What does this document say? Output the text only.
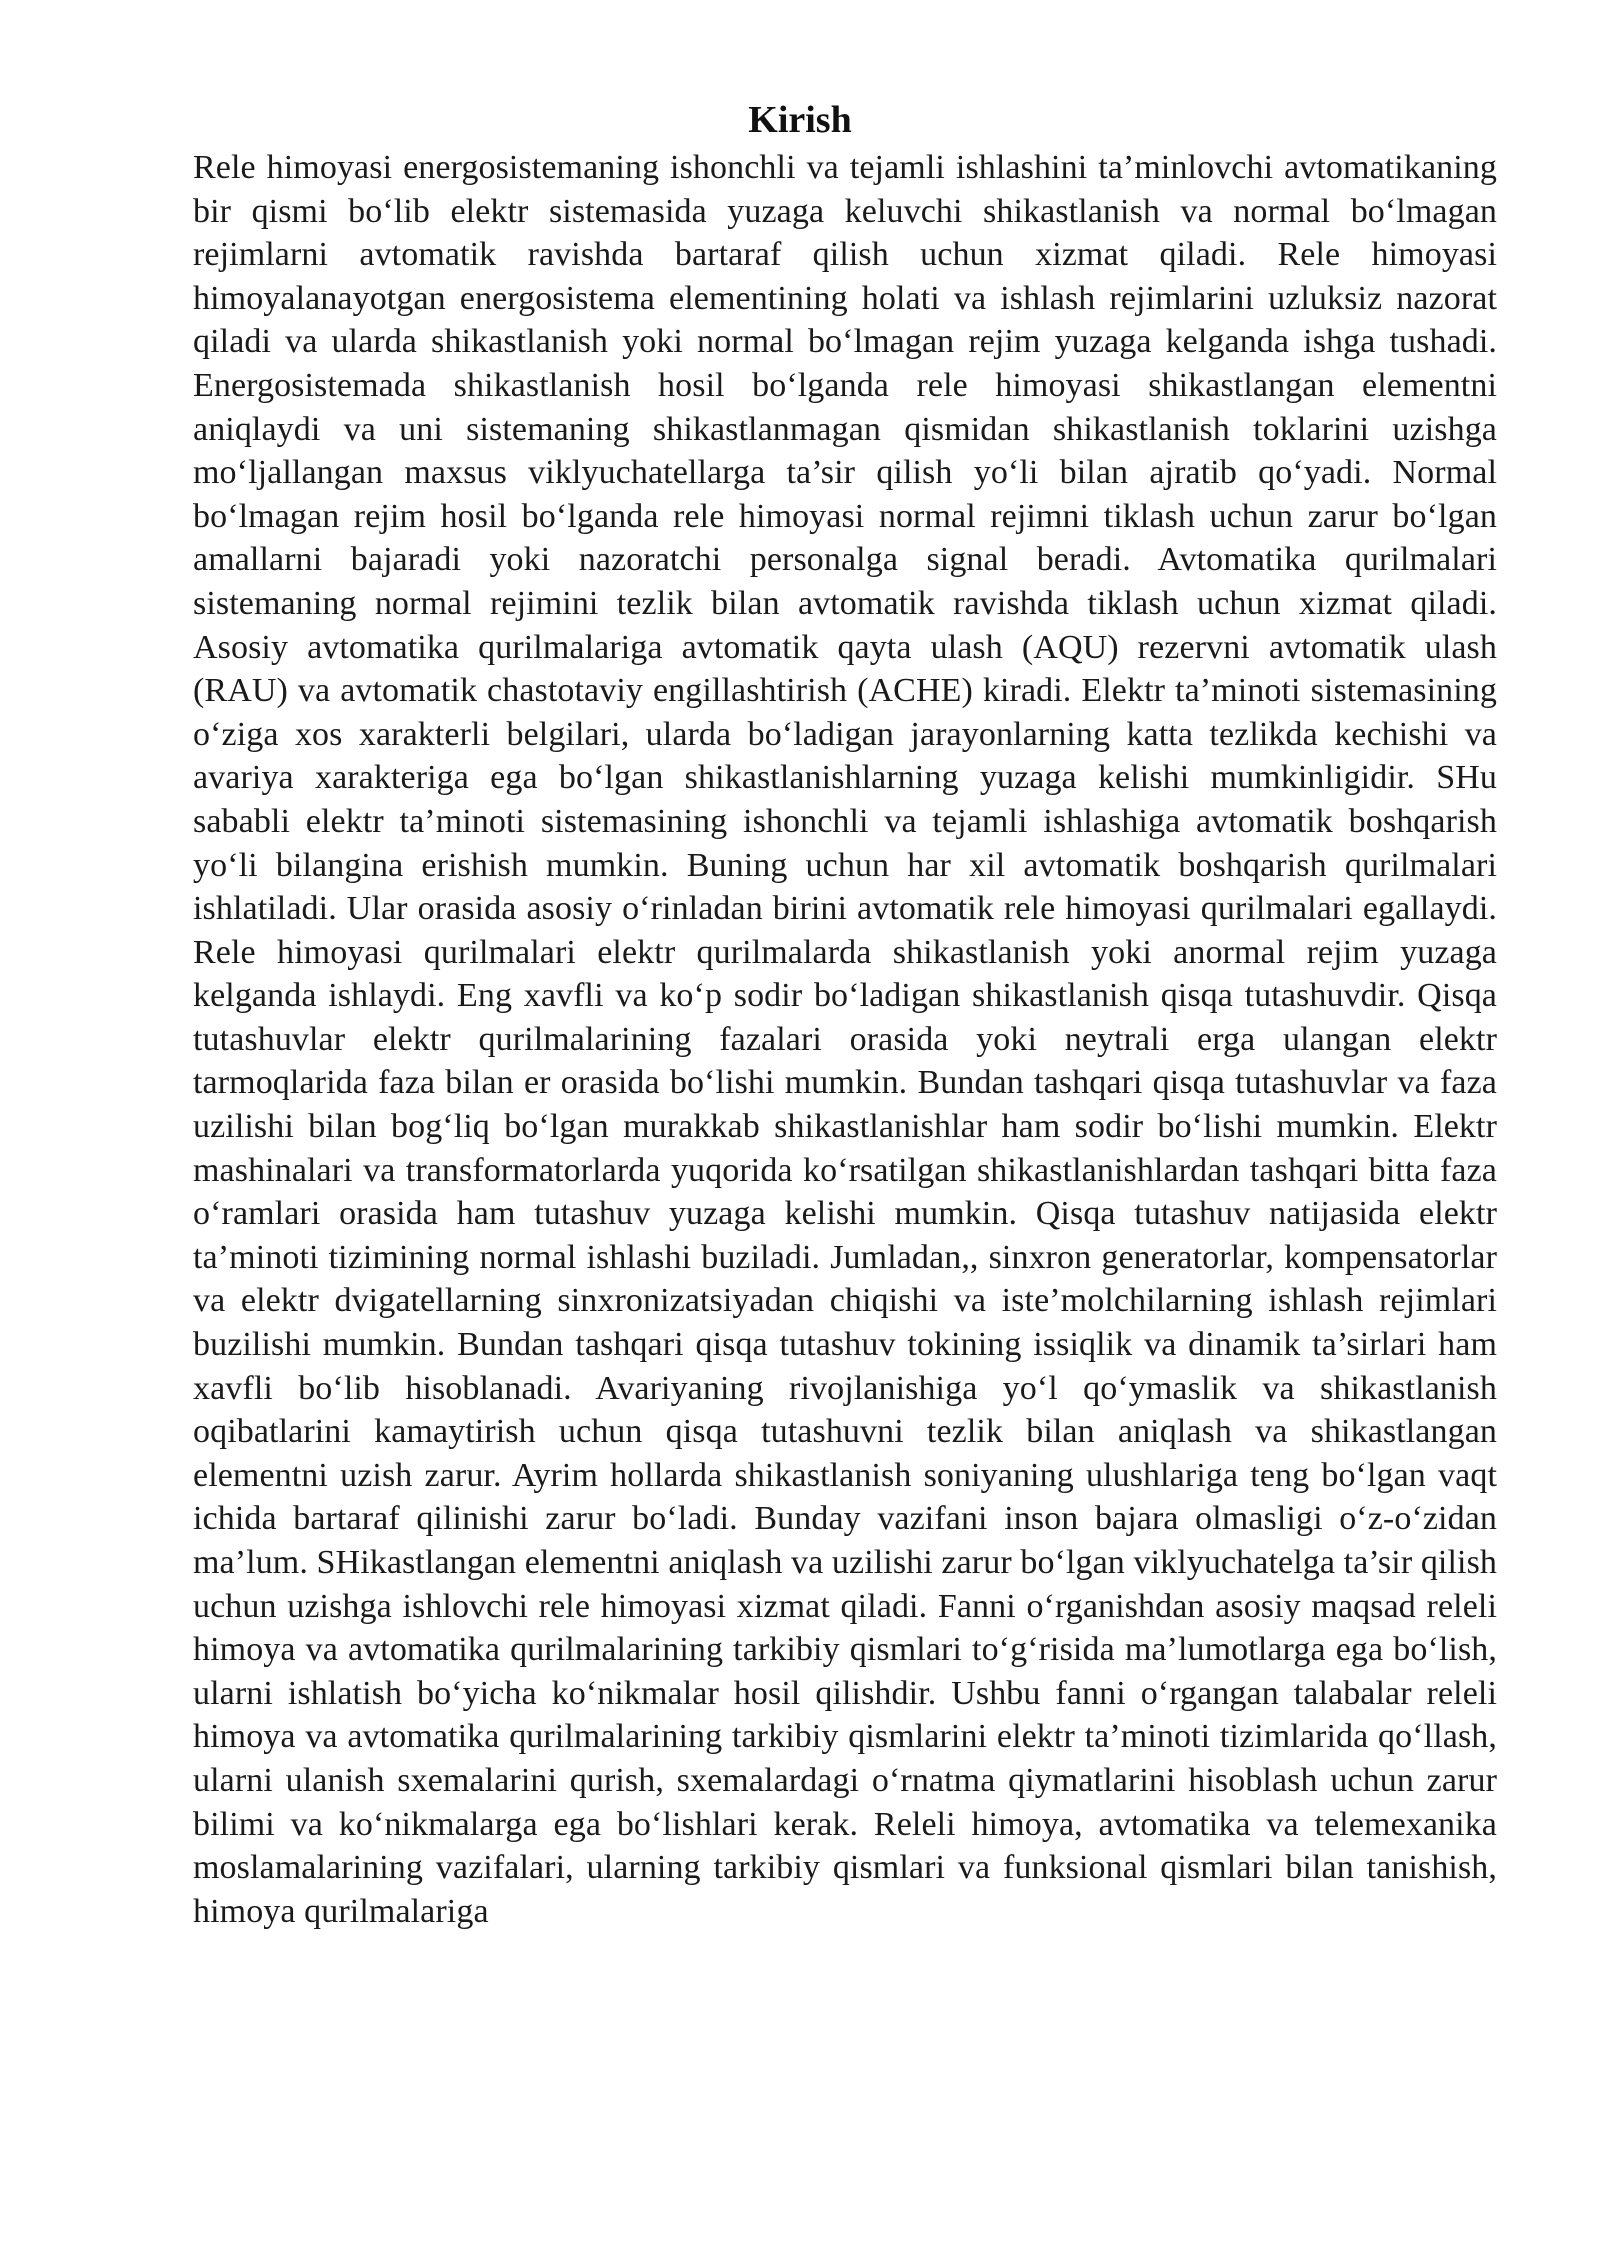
Kirish

Rele himoyasi energosistemaning ishonchli va tejamli ishlashini ta’minlovchi avtomatikaning bir qismi bo‘lib elektr sistemasida yuzaga keluvchi shikastlanish va normal bo‘lmagan rejimlarni avtomatik ravishda bartaraf qilish uchun xizmat qiladi. Rele himoyasi himoyalanayotgan energosistema elementining holati va ishlash rejimlarini uzluksiz nazorat qiladi va ularda shikastlanish yoki normal bo‘lmagan rejim yuzaga kelganda ishga tushadi. Energosistemada shikastlanish hosil bo‘lganda rele himoyasi shikastlangan elementni aniqlaydi va uni sistemaning shikastlanmagan qismidan shikastlanish toklarini uzishga mo‘ljallangan maxsus viklyuchatellarga ta’sir qilish yo‘li bilan ajratib qo‘yadi. Normal bo‘lmagan rejim hosil bo‘lganda rele himoyasi normal rejimni tiklash uchun zarur bo‘lgan amallarni bajaradi yoki nazoratchi personalga signal beradi. Avtomatika qurilmalari sistemaning normal rejimini tezlik bilan avtomatik ravishda tiklash uchun xizmat qiladi. Asosiy avtomatika qurilmalariga avtomatik qayta ulash (AQU) rezervni avtomatik ulash (RAU) va avtomatik chastotaviy engillashtirish (ACHE) kiradi. Elektr ta’minoti sistemasining o‘ziga xos xarakterli belgilari, ularda bo‘ladigan jarayonlarning katta tezlikda kechishi va avariya xarakteriga ega bo‘lgan shikastlanishlarning yuzaga kelishi mumkinligidir. SHu sababli elektr ta’minoti sistemasining ishonchli va tejamli ishlashiga avtomatik boshqarish yo‘li bilangina erishish mumkin. Buning uchun har xil avtomatik boshqarish qurilmalari ishlatiladi. Ular orasida asosiy o‘rinladan birini avtomatik rele himoyasi qurilmalari egallaydi. Rele himoyasi qurilmalari elektr qurilmalarda shikastlanish yoki anormal rejim yuzaga kelganda ishlaydi. Eng xavfli va ko‘p sodir bo‘ladigan shikastlanish qisqa tutashuvdir. Qisqa tutashuvlar elektr qurilmalarining fazalari orasida yoki neytrali erga ulangan elektr tarmoqlarida faza bilan er orasida bo‘lishi mumkin. Bundan tashqari qisqa tutashuvlar va faza uzilishi bilan bog‘liq bo‘lgan murakkab shikastlanishlar ham sodir bo‘lishi mumkin. Elektr mashinalari va transformatorlarda yuqorida ko‘rsatilgan shikastlanishlardan tashqari bitta faza o‘ramlari orasida ham tutashuv yuzaga kelishi mumkin. Qisqa tutashuv natijasida elektr ta’minoti tizimining normal ishlashi buziladi. Jumladan,, sinxron generatorlar, kompensatorlar va elektr dvigatellarning sinxronizatsiyadan chiqishi va iste’molchilarning ishlash rejimlari buzilishi mumkin. Bundan tashqari qisqa tutashuv tokining issiqlik va dinamik ta’sirlari ham xavfli bo‘lib hisoblanadi. Avariyaning rivojlanishiga yo‘l qo‘ymaslik va shikastlanish oqibatlarini kamaytirish uchun qisqa tutashuvni tezlik bilan aniqlash va shikastlangan elementni uzish zarur. Ayrim hollarda shikastlanish soniyaning ulushlariga teng bo‘lgan vaqt ichida bartaraf qilinishi zarur bo‘ladi. Bunday vazifani inson bajara olmasligi o‘z-o‘zidan ma’lum. SHikastlangan elementni aniqlash va uzilishi zarur bo‘lgan viklyuchatelga ta’sir qilish uchun uzishga ishlovchi rele himoyasi xizmat qiladi. Fanni o‘rganishdan asosiy maqsad releli himoya va avtomatika qurilmalarining tarkibiy qismlari to‘g‘risida ma’lumotlarga ega bo‘lish, ularni ishlatish bo‘yicha ko‘nikmalar hosil qilishdir. Ushbu fanni o‘rgangan talabalar releli himoya va avtomatika qurilmalarining tarkibiy qismlarini elektr ta’minoti tizimlarida qo‘llash, ularni ulanish sxemalarini qurish, sxemalardagi o‘rnatma qiymatlarini hisoblash uchun zarur bilimi va ko‘nikmalarga ega bo‘lishlari kerak. Releli himoya, avtomatika va telemexanika moslamalarining vazifalari, ularning tarkibiy qismlari va funksional qismlari bilan tanishish, himoya qurilmalariga
